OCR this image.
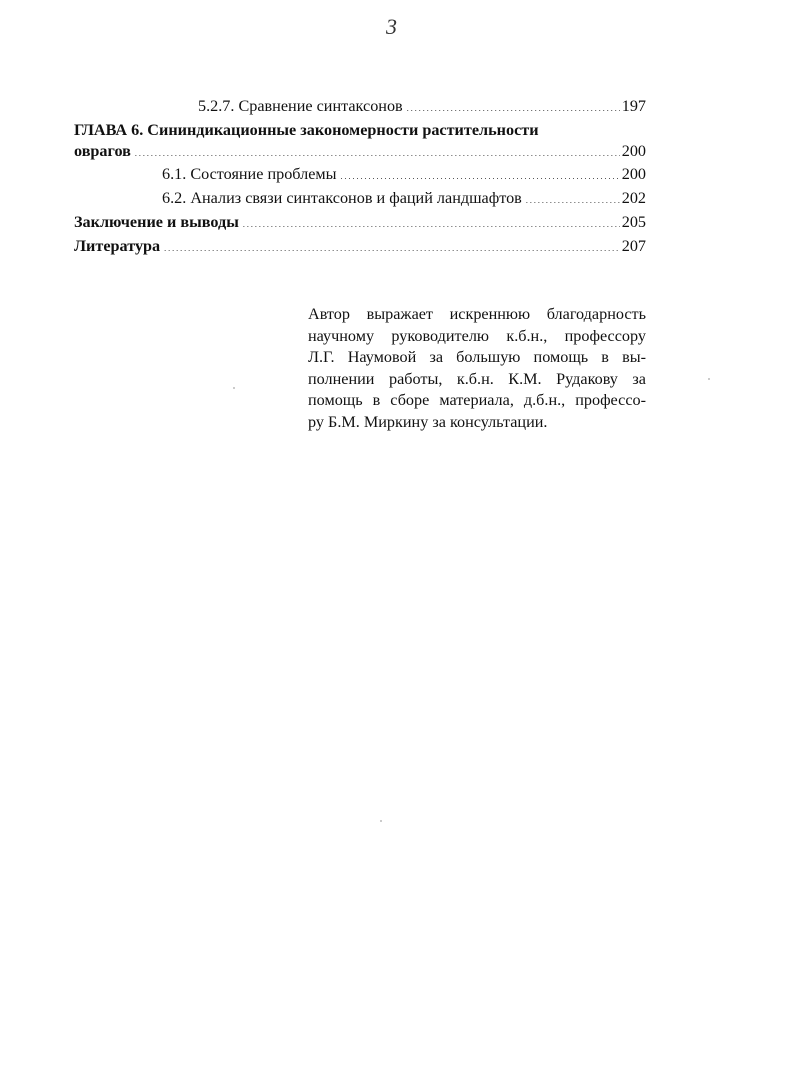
3
5.2.7. Сравнение синтаксонов . . .	197
ГЛАВА 6. Сининдикационные закономерности растительности
оврагов . . .	200
6.1. Состояние проблемы . . .	200
6.2. Анализ связи синтаксонов и фаций ландшафтов . . .	202
Заключение и выводы . . .	205
Литература . . .	207
Автор выражает искреннюю благодарность
научному руководителю к.б.н., профессору
Л.Г. Наумовой за большую помощь в вы-
полнении работы, к.б.н. К.М. Рудакову за
помощь в сборе материала, д.б.н., профессо-
ру Б.М. Миркину за консультации.
